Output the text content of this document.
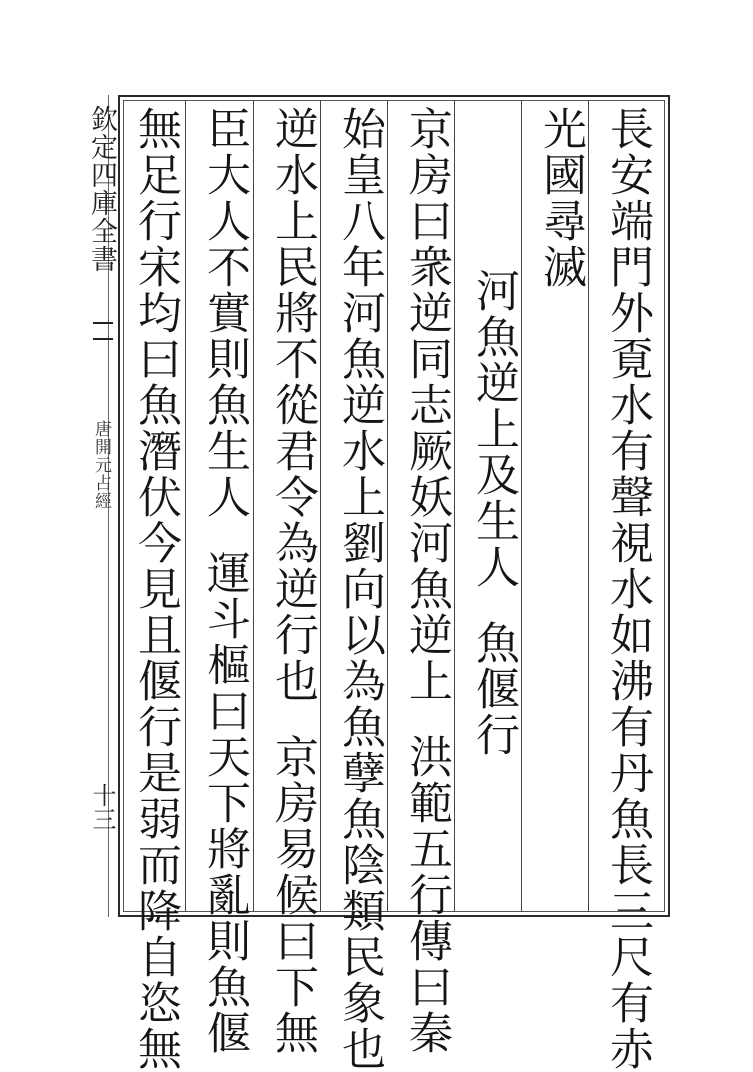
欽定四庫全書
唐開元占經
十三	長安端門外覔水有聲視水如沸有丹魚長三尺有赤
光國尋滅
河魚逆上及生人魚偃行
京房曰衆逆同志厥妖河魚逆上洪範五行傳曰秦
始皇八年河魚逆水上劉向以為魚孽魚陰類民象也
逆水上民將不從君令為逆行也京房易候曰下無
臣大人不實則魚生人運斗樞曰天下將亂則魚偃
無足行宋均曰魚潛伏今見且偃行是弱而降自恣無
